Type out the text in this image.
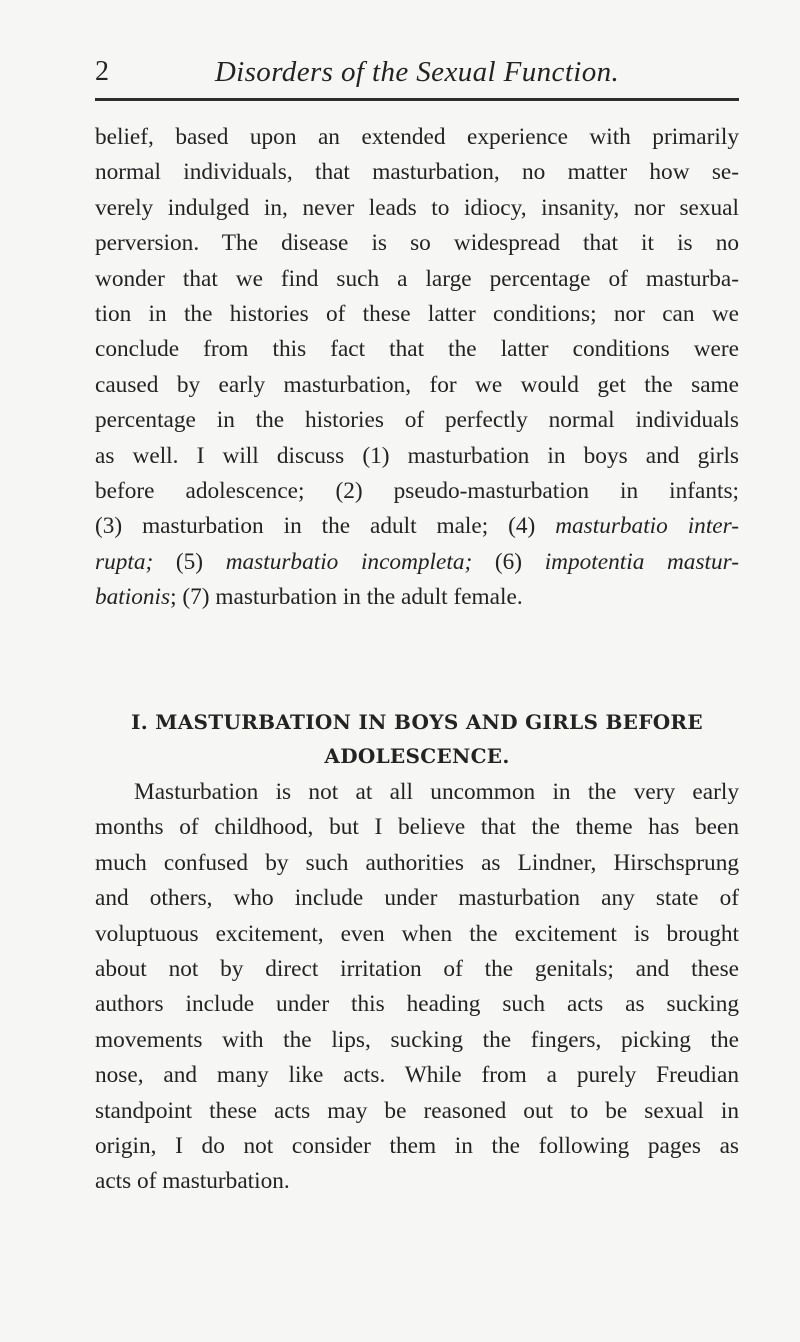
2	Disorders of the Sexual Function.
belief, based upon an extended experience with primarily
normal individuals, that masturbation, no matter how se-
verely indulged in, never leads to idiocy, insanity, nor sexual
perversion. The disease is so widespread that it is no
wonder that we find such a large percentage of masturba-
tion in the histories of these latter conditions; nor can we
conclude from this fact that the latter conditions were
caused by early masturbation, for we would get the same
percentage in the histories of perfectly normal individuals
as well. I will discuss (1) masturbation in boys and girls
before adolescence; (2) pseudo-masturbation in infants;
(3) masturbation in the adult male; (4) masturbatio inter-
rupta; (5) masturbatio incompleta; (6) impotentia mastur-
bationis; (7) masturbation in the adult female.
I. MASTURBATION IN BOYS AND GIRLS BEFORE
ADOLESCENCE.
Masturbation is not at all uncommon in the very early
months of childhood, but I believe that the theme has been
much confused by such authorities as Lindner, Hirschsprung
and others, who include under masturbation any state of
voluptuous excitement, even when the excitement is brought
about not by direct irritation of the genitals; and these
authors include under this heading such acts as sucking
movements with the lips, sucking the fingers, picking the
nose, and many like acts. While from a purely Freudian
standpoint these acts may be reasoned out to be sexual in
origin, I do not consider them in the following pages as
acts of masturbation.
